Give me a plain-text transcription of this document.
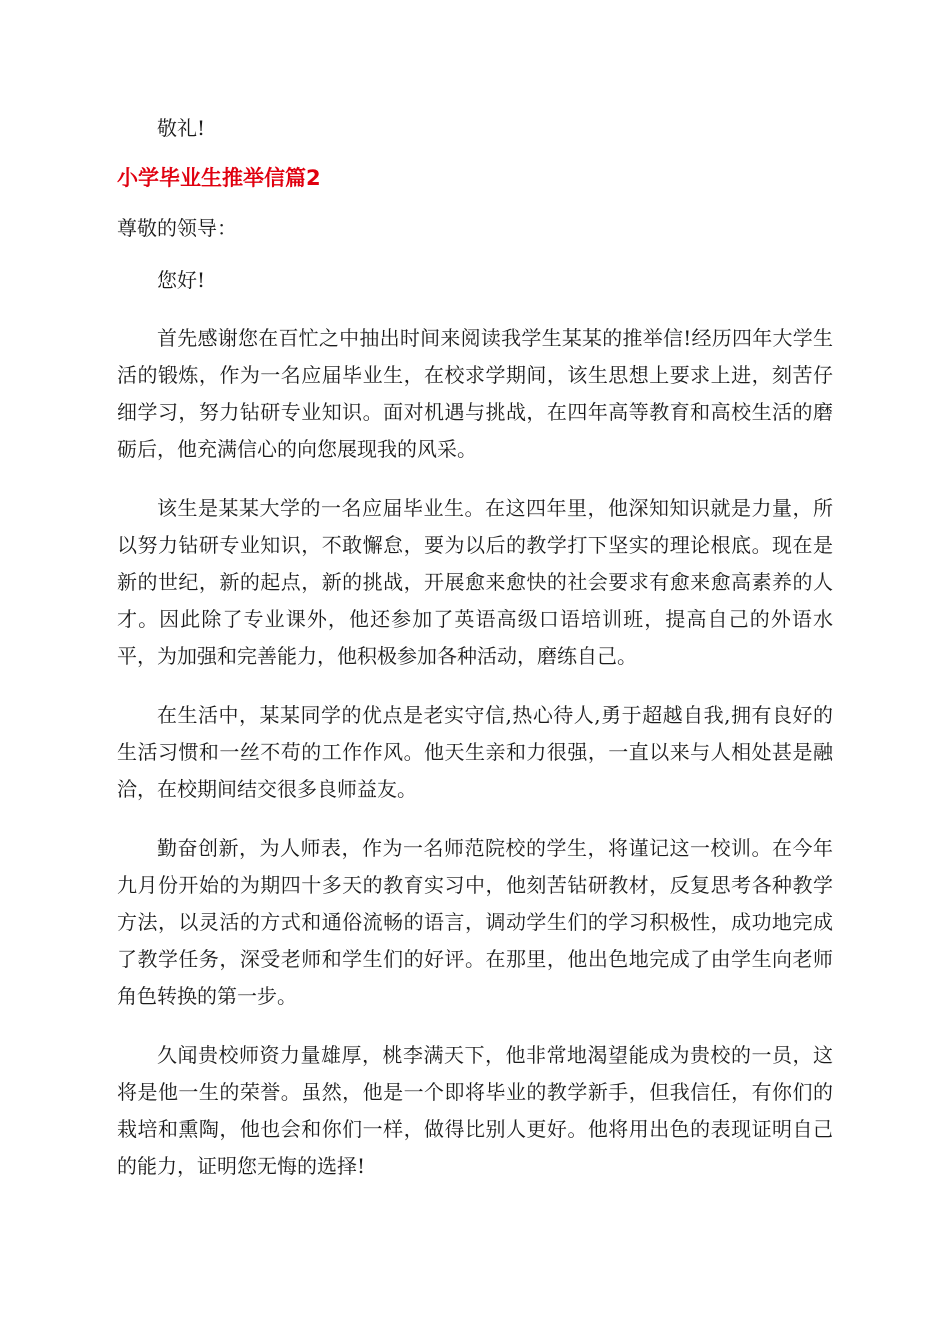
敬礼!

小学毕业生推举信篇2

尊敬的领导：

您好!

首先感谢您在百忙之中抽出时间来阅读我学生某某的推举信!经历四年大学生活的锻炼，作为一名应届毕业生，在校求学期间，该生思想上要求上进，刻苦仔细学习，努力钻研专业知识。面对机遇与挑战，在四年高等教育和高校生活的磨砺后，他充满信心的向您展现我的风采。

该生是某某大学的一名应届毕业生。在这四年里，他深知知识就是力量，所以努力钻研专业知识，不敢懈怠，要为以后的教学打下坚实的理论根底。现在是新的世纪，新的起点，新的挑战，开展愈来愈快的社会要求有愈来愈高素养的人才。因此除了专业课外，他还参加了英语高级口语培训班，提高自己的外语水平，为加强和完善能力，他积极参加各种活动，磨练自己。

在生活中，某某同学的优点是老实守信,热心待人,勇于超越自我,拥有良好的生活习惯和一丝不苟的工作作风。他天生亲和力很强，一直以来与人相处甚是融洽，在校期间结交很多良师益友。

勤奋创新，为人师表，作为一名师范院校的学生，将谨记这一校训。在今年九月份开始的为期四十多天的教育实习中，他刻苦钻研教材，反复思考各种教学方法，以灵活的方式和通俗流畅的语言，调动学生们的学习积极性，成功地完成了教学任务，深受老师和学生们的好评。在那里，他出色地完成了由学生向老师角色转换的第一步。

久闻贵校师资力量雄厚，桃李满天下，他非常地渴望能成为贵校的一员，这将是他一生的荣誉。虽然，他是一个即将毕业的教学新手，但我信任，有你们的栽培和熏陶，他也会和你们一样，做得比别人更好。他将用出色的表现证明自己的能力，证明您无悔的选择!
